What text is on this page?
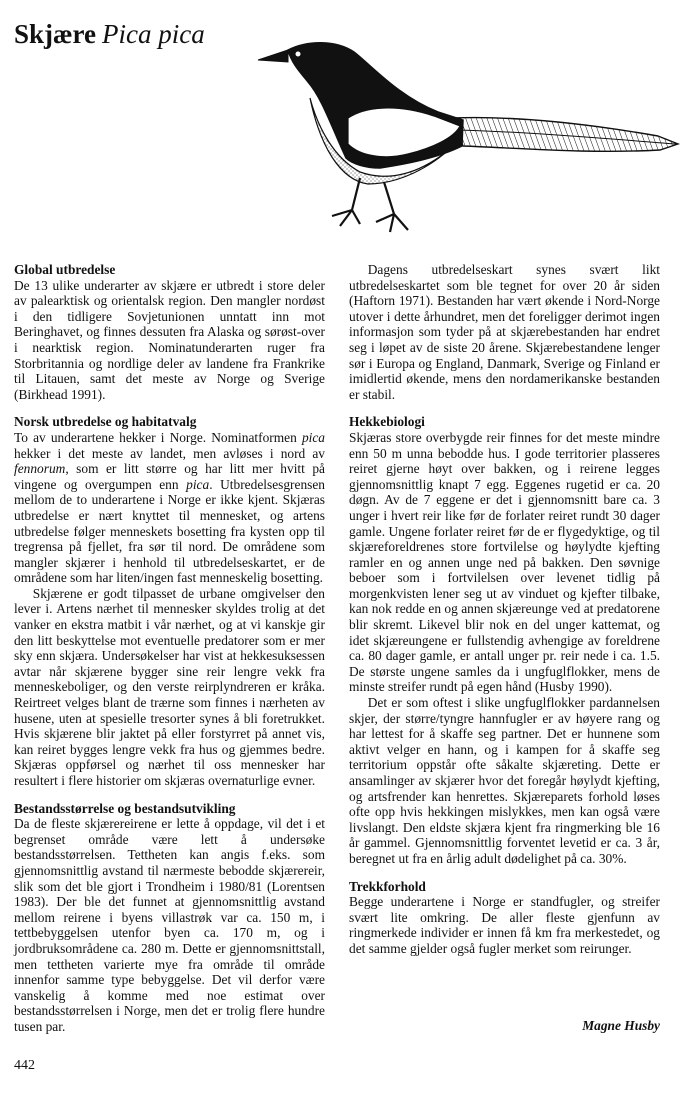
Skjære Pica pica
Global utbredelse

De 13 ulike underarter av skjære er utbredt i store deler av palearktisk og orientalsk region. Den mangler nordøst i den tidligere Sovjetunionen unntatt inn mot Beringhavet, og finnes dessuten fra Alaska og sørøst-over i nearktisk region. Nominatunderarten ruger fra Storbritannia og nordlige deler av landene fra Frankrike til Litauen, samt det meste av Norge og Sverige (Birkhead 1991).

Norsk utbredelse og habitatvalg

To av underartene hekker i Norge. Nominatformen pica hekker i det meste av landet, men avløses i nord av fennorum, som er litt større og har litt mer hvitt på vingene og overgumpen enn pica. Utbredelsesgrensen mellom de to underartene i Norge er ikke kjent. Skjæras utbredelse er nært knyttet til mennesket, og artens utbredelse følger menneskets bosetting fra kysten opp til tregrensa på fjellet, fra sør til nord. De områdene som mangler skjærer i henhold til utbredelseskartet, er de områdene som har liten/ingen fast menneskelig bosetting.

Skjærene er godt tilpasset de urbane omgivelser den lever i. Artens nærhet til mennesker skyldes trolig at det vanker en ekstra matbit i vår nærhet, og at vi kanskje gir den litt beskyttelse mot eventuelle predatorer som er mer sky enn skjæra. Undersøkelser har vist at hekkesuksessen avtar når skjærene bygger sine reir lengre vekk fra menneskeboliger, og den verste reirplyndreren er kråka. Reirtreet velges blant de trærne som finnes i nærheten av husene, uten at spesielle tresorter synes å bli foretrukket. Hvis skjærene blir jaktet på eller forstyrret på annet vis, kan reiret bygges lengre vekk fra hus og gjemmes bedre. Skjæras oppførsel og nærhet til oss mennesker har resultert i flere historier om skjæras overnaturlige evner.

Bestandsstørrelse og bestandsutvikling

Da de fleste skjærereirene er lette å oppdage, vil det i et begrenset område være lett å undersøke bestandsstørrelsen. Tettheten kan angis f.eks. som gjennomsnittlig avstand til nærmeste bebodde skjærereir, slik som det ble gjort i Trondheim i 1980/81 (Lorentsen 1983). Der ble det funnet at gjennomsnittlig avstand mellom reirene i byens villastrøk var ca. 150 m, i tettbebyggelsen utenfor byen ca. 170 m, og i jordbruksområdene ca. 280 m. Dette er gjennomsnittstall, men tettheten varierte mye fra område til område innenfor samme type bebyggelse. Det vil derfor være vanskelig å komme med noe estimat over bestandsstørrelsen i Norge, men det er trolig flere hundre tusen par.

Dagens utbredelseskart synes svært likt utbredelseskartet som ble tegnet for over 20 år siden (Haftorn 1971). Bestanden har vært økende i Nord-Norge utover i dette århundret, men det foreligger derimot ingen informasjon som tyder på at skjærebestanden har endret seg i løpet av de siste 20 årene. Skjærebestandene lenger sør i Europa og England, Danmark, Sverige og Finland er imidlertid økende, mens den nordamerikanske bestanden er stabil.

Hekkebiologi

Skjæras store overbygde reir finnes for det meste mindre enn 50 m unna bebodde hus. I gode territorier plasseres reiret gjerne høyt over bakken, og i reirene legges gjennomsnittlig knapt 7 egg. Eggenes rugetid er ca. 20 døgn. Av de 7 eggene er det i gjennomsnitt bare ca. 3 unger i hvert reir like før de forlater reiret rundt 30 dager gamle. Ungene forlater reiret før de er flygedyktige, og til skjæreforeldrenes store fortvilelse og høylydte kjefting ramler en og annen unge ned på bakken. Den søvnige beboer som i fortvilelsen over levenet tidlig på morgenkvisten lener seg ut av vinduet og kjefter tilbake, kan nok redde en og annen skjæreunge ved at predatorene blir skremt. Likevel blir nok en del unger kattemat, og idet skjæreungene er fullstendig avhengige av foreldrene ca. 80 dager gamle, er antall unger pr. reir nede i ca. 1.5. De største ungene samles da i ungfuglflokker, mens de minste streifer rundt på egen hånd (Husby 1990).

Det er som oftest i slike ungfuglflokker pardannelsen skjer, der større/tyngre hannfugler er av høyere rang og har lettest for å skaffe seg partner. Det er hunnene som aktivt velger en hann, og i kampen for å skaffe seg territorium oppstår ofte såkalte skjæreting. Dette er ansamlinger av skjærer hvor det foregår høylydt kjefting, og artsfrender kan henrettes. Skjæreparets forhold løses ofte opp hvis hekkingen mislykkes, men kan også være livslangt. Den eldste skjæra kjent fra ringmerking ble 16 år gammel. Gjennomsnittlig forventet levetid er ca. 3 år, beregnet ut fra en årlig adult dødelighet på ca. 30%.

Trekkforhold

Begge underartene i Norge er standfugler, og streifer svært lite omkring. De aller fleste gjenfunn av ringmerkede individer er innen få km fra merkestedet, og det samme gjelder også fugler merket som reirunger.

Magne Husby
442
